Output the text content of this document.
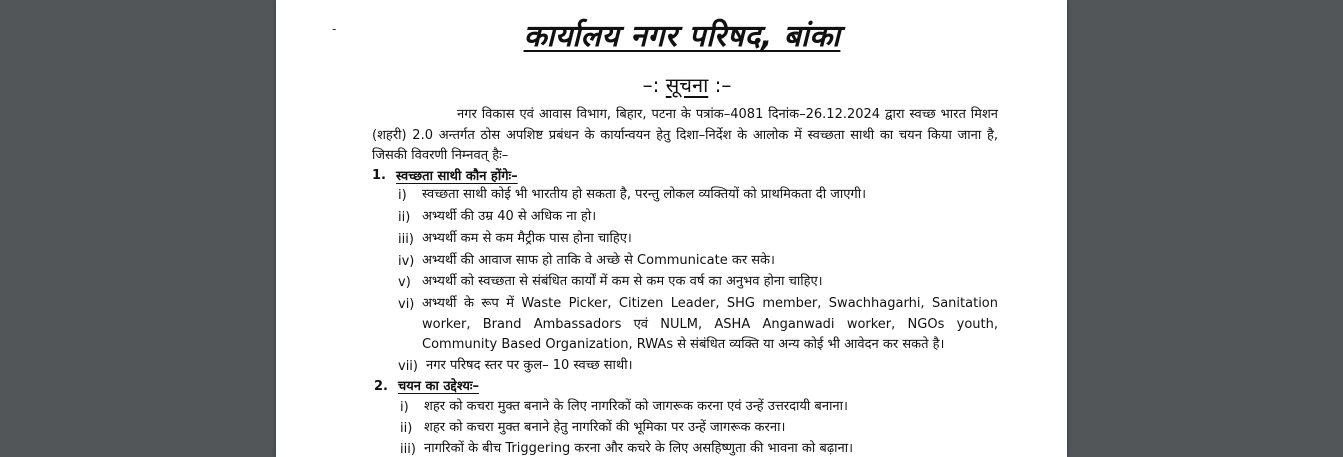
-	कार्यालय नगर परिषद, बांका
–: सूचना :–
नगर विकास एवं आवास विभाग, बिहार, पटना के पत्रांक–4081 दिनांक–26.12.2024 द्वारा स्वच्छ भारत मिशन (शहरी) 2.0 अन्तर्गत ठोस अपशिष्ट प्रबंधन के कार्यान्वयन हेतु दिशा–निर्देश के आलोक में स्वच्छता साथी का चयन किया जाना है, जिसकी विवरणी निम्नवत् हैः–
1. स्वच्छता साथी कौन होंगेः–
i) स्वच्छता साथी कोई भी भारतीय हो सकता है, परन्तु लोकल व्यक्तियों को प्राथमिकता दी जाएगी।
ii) अभ्यर्थी की उम्र 40 से अधिक ना हो।
iii) अभ्यर्थी कम से कम मैट्रीक पास होना चाहिए।
iv) अभ्यर्थी की आवाज साफ हो ताकि वे अच्छे से Communicate कर सके।
v) अभ्यर्थी को स्वच्छता से संबंधित कार्यों में कम से कम एक वर्ष का अनुभव होना चाहिए।
vi) अभ्यर्थी के रूप में Waste Picker, Citizen Leader, SHG member, Swachhagarhi, Sanitation worker, Brand Ambassadors एवं NULM, ASHA Anganwadi worker, NGOs youth, Community Based Organization, RWAs से संबंधित व्यक्ति या अन्य कोई भी आवेदन कर सकते है।
vii) नगर परिषद स्तर पर कुल– 10 स्वच्छ साथी।
2. चयन का उद्देश्यः–
i) शहर को कचरा मुक्त बनाने के लिए नागरिकों को जागरूक करना एवं उन्हें उत्तरदायी बनाना।
ii) शहर को कचरा मुक्त बनाने हेतु नागरिकों की भूमिका पर उन्हें जागरूक करना।
iii) नागरिकों के बीच Triggering करना और कचरे के लिए असहिष्णुता की भावना को बढ़ाना।
